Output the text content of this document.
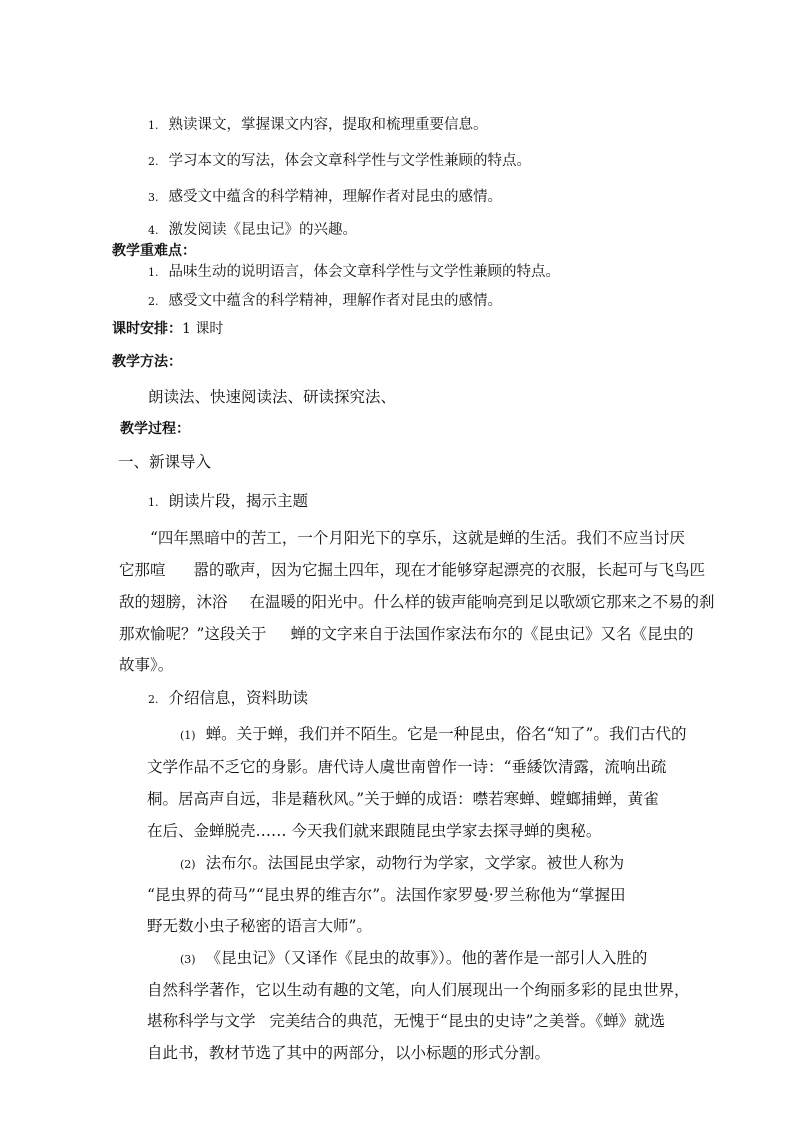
1. 熟读课文，掌握课文内容，提取和梳理重要信息。
2. 学习本文的写法，体会文章科学性与文学性兼顾的特点。
3. 感受文中蕴含的科学精神，理解作者对昆虫的感情。
4. 激发阅读《昆虫记》的兴趣。
教学重难点：
1. 品味生动的说明语言，体会文章科学性与文学性兼顾的特点。
2. 感受文中蕴含的科学精神，理解作者对昆虫的感情。
课时安排：1 课时
教学方法：
朗读法、快速阅读法、研读探究法、
教学过程：
一、新课导入
1. 朗读片段，揭示主题
“四年黑暗中的苦工，一个月阳光下的享乐，这就是蝉的生活。我们不应当讨厌
它那喧 嚣的歌声，因为它掘土四年，现在才能够穿起漂亮的衣服，长起可与飞鸟匹
敌的翅膀，沐浴 在温暖的阳光中。什么样的钹声能响亮到足以歌颂它那来之不易的刹
那欢愉呢？”这段关于 蝉的文字来自于法国作家法布尔的《昆虫记》又名《昆虫的
故事》。
2. 介绍信息，资料助读
(1) 蝉。关于蝉，我们并不陌生。它是一种昆虫，俗名“知了”。我们古代的
文学作品不乏它的身影。唐代诗人虞世南曾作一诗：“垂緌饮清露，流响出疏
桐。居高声自远，非是藉秋风。”关于蝉的成语：噤若寒蝉、螳螂捕蝉，黄雀
在后、金蝉脱壳…… 今天我们就来跟随昆虫学家去探寻蝉的奥秘。
(2) 法布尔。法国昆虫学家，动物行为学家，文学家。被世人称为
“昆虫界的荷马”“昆虫界的维吉尔”。法国作家罗曼·罗兰称他为“掌握田
野无数小虫子秘密的语言大师”。
(3) 《昆虫记》（又译作《昆虫的故事》）。他的著作是一部引人入胜的
自然科学著作，它以生动有趣的文笔，向人们展现出一个绚丽多彩的昆虫世界，
堪称科学与文学 完美结合的典范，无愧于“昆虫的史诗”之美誉。《蝉》就选
自此书，教材节选了其中的两部分，以小标题的形式分割。
